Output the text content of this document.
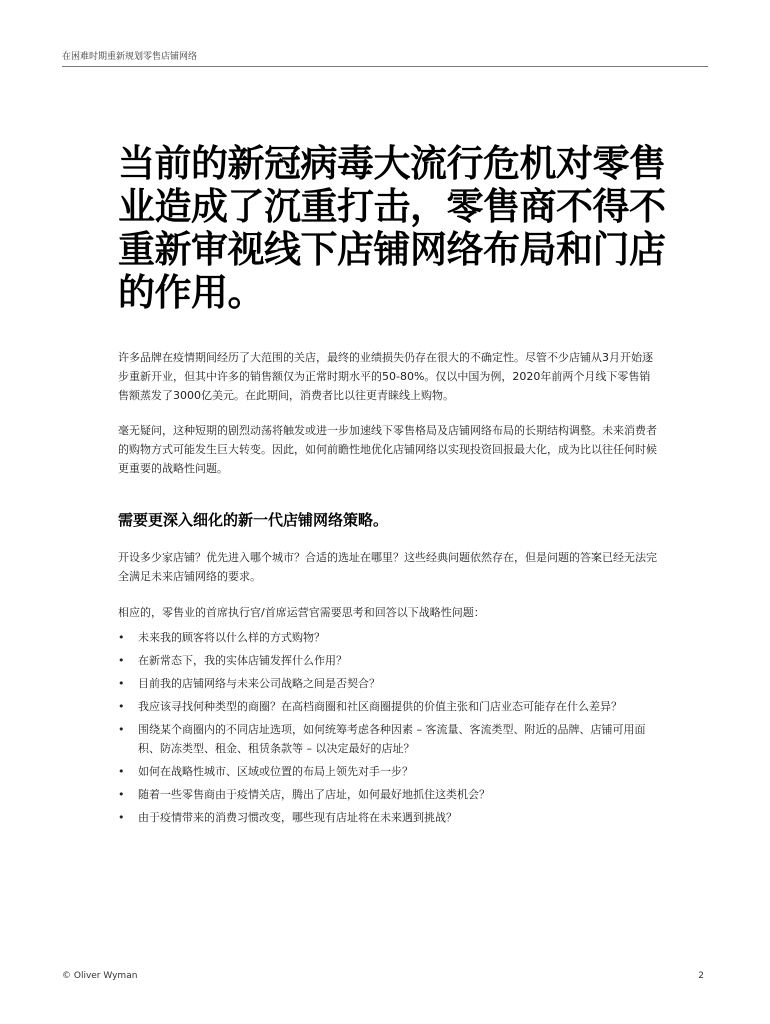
在困难时期重新规划零售店铺网络
当前的新冠病毒大流行危机对零售业造成了沉重打击，零售商不得不重新审视线下店铺网络布局和门店的作用。

许多品牌在疫情期间经历了大范围的关店，最终的业绩损失仍存在很大的不确定性。尽管不少店铺从3月开始逐步重新开业，但其中许多的销售额仅为正常时期水平的50-80%。仅以中国为例，2020年前两个月线下零售销售额蒸发了3000亿美元。在此期间，消费者比以往更青睐线上购物。

毫无疑问，这种短期的剧烈动荡将触发或进一步加速线下零售格局及店铺网络布局的长期结构调整。未来消费者的购物方式可能发生巨大转变。因此，如何前瞻性地优化店铺网络以实现投资回报最大化，成为比以往任何时候更重要的战略性问题。

需要更深入细化的新一代店铺网络策略。

开设多少家店铺？优先进入哪个城市？合适的选址在哪里？这些经典问题依然存在，但是问题的答案已经无法完全满足未来店铺网络的要求。

相应的，零售业的首席执行官/首席运营官需要思考和回答以下战略性问题：

• 未来我的顾客将以什么样的方式购物？
• 在新常态下，我的实体店铺发挥什么作用？
• 目前我的店铺网络与未来公司战略之间是否契合？
• 我应该寻找何种类型的商圈？在高档商圈和社区商圈提供的价值主张和门店业态可能存在什么差异？
• 围绕某个商圈内的不同店址选项，如何统筹考虑各种因素 – 客流量、客流类型、附近的品牌、店铺可用面积、防冻类型、租金、租赁条款等 – 以决定最好的店址？
• 如何在战略性城市、区域或位置的布局上领先对手一步？
• 随着一些零售商由于疫情关店，腾出了店址，如何最好地抓住这类机会？
• 由于疫情带来的消费习惯改变，哪些现有店址将在未来遇到挑战？
© Oliver Wyman	2
